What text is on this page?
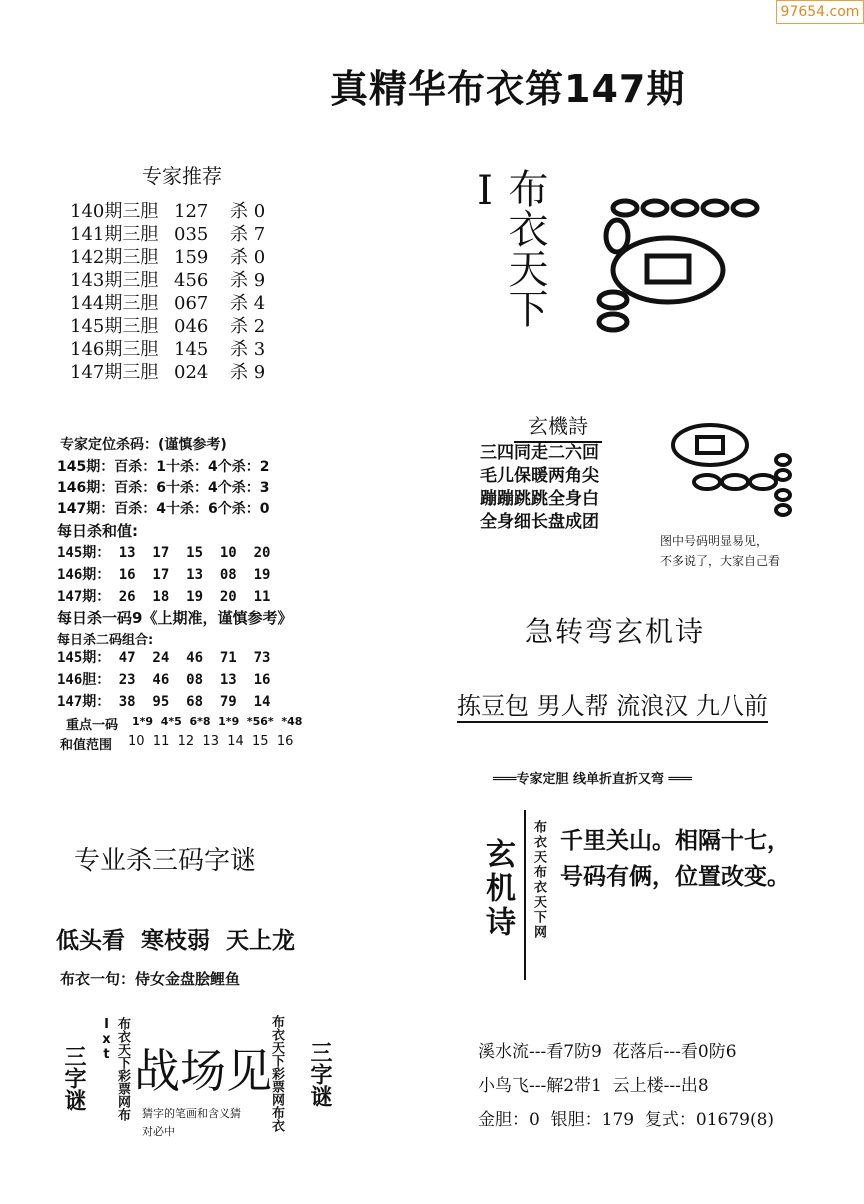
97654.com
真精华布衣第147期
专家推荐
140期三胆 127 杀 0
141期三胆 035 杀 7
142期三胆 159 杀 0
143期三胆 456 杀 9
144期三胆 067 杀 4
145期三胆 046 杀 2
146期三胆 145 杀 3
147期三胆 024 杀 9
布衣天下I
玄機詩
三四同走二六回
毛儿保暖两角尖
蹦蹦跳跳全身白
全身细长盘成团
图中号码明显易见，
不多说了，大家自己看
专家定位杀码：(谨慎参考)
145期：百杀：1十杀：4个杀：2
146期：百杀：6十杀：4个杀：3
147期：百杀：4十杀：6个杀：0
每日杀和值:
145期： 13  17  15  10  20
146期： 16  17  13  08  19
147期： 26  18  19  20  11
每日杀一码9《上期准，谨慎参考》
每日杀二码组合:
145期： 47  24  46  71  73
146胆： 23  46  08  13  16
147期： 38  95  68  79  14
重点一码 1*9  4*5  6*8  1*9  *56*  *48
和值范围 10  11  12  13  14  15  16
急转弯玄机诗
拣豆包 男人帮 流浪汉 九八前
═══专家定胆 线单折直折又弯 ═══
玄机诗 布衣天布衣天下网 千里关山。相隔十七，
号码有俩，位置改变。
专业杀三码字谜
低头看  寒枝弱  天上龙
布衣一句：侍女金盘脍鲤鱼
三字谜	布衣天下彩票网布Ixt
战场见
猜字的笔画和含义猜
对必中	布衣天下彩票网布衣 三字谜	溪水流---看7防9  花落后---看0防6
小鸟飞---解2带1  云上楼---出8
金胆：0  银胆：179  复式：01679(8)
